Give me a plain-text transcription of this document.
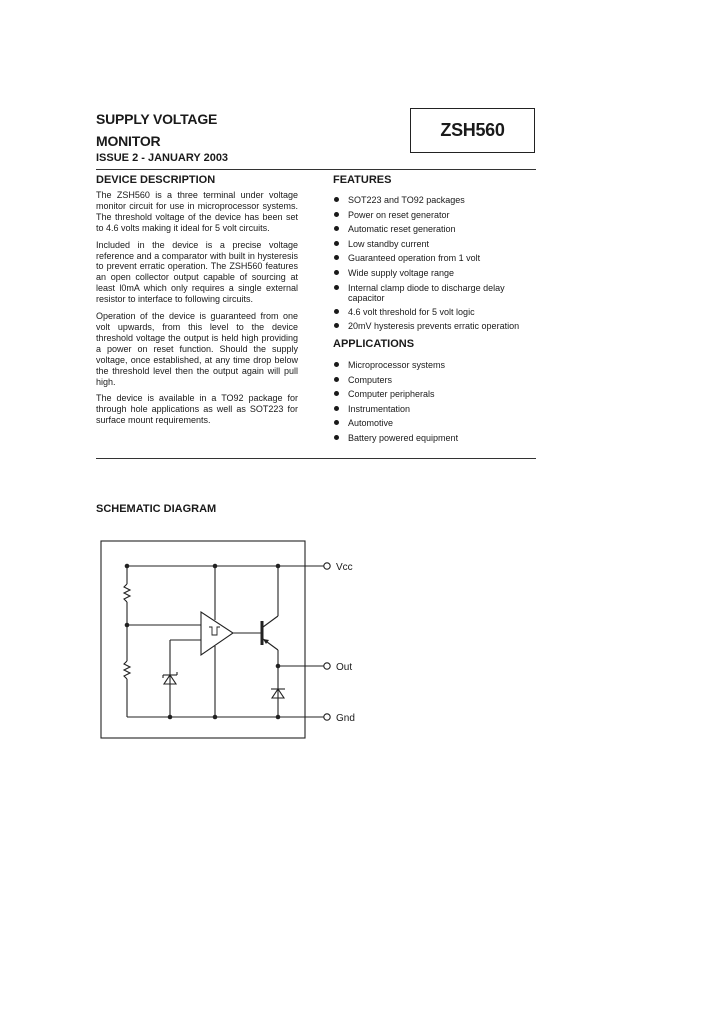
SUPPLY VOLTAGE
MONITOR
ISSUE 2 - JANUARY 2003
ZSH560
DEVICE DESCRIPTION

The ZSH560 is a three terminal under voltage monitor circuit for use in microprocessor systems. The threshold voltage of the device has been set to 4.6 volts making it ideal for 5 volt circuits.

Included in the device is a precise voltage reference and a comparator with built in hysteresis to prevent erratic operation. The ZSH560 features an open collector output capable of sourcing at least l0mA which only requires a single external resistor to interface to following circuits.

Operation of the device is guaranteed from one volt upwards, from this level to the device threshold voltage the output is held high providing a power on reset function. Should the supply voltage, once established, at any time drop below the threshold level then the output again will pull high.

The device is available in a TO92 package for through hole applications as well as SOT223 for surface mount requirements.

FEATURES
SOT223 and TO92 packages
Power on reset generator
Automatic reset generation
Low standby current
Guaranteed operation from 1 volt
Wide supply voltage range
Internal clamp diode to discharge delay capacitor
4.6 volt threshold for 5 volt logic
20mV hysteresis prevents erratic operation
APPLICATIONS
Microprocessor systems
Computers
Computer peripherals
Instrumentation
Automotive
Battery powered equipment
SCHEMATIC DIAGRAM
Vcc
Out
Gnd
